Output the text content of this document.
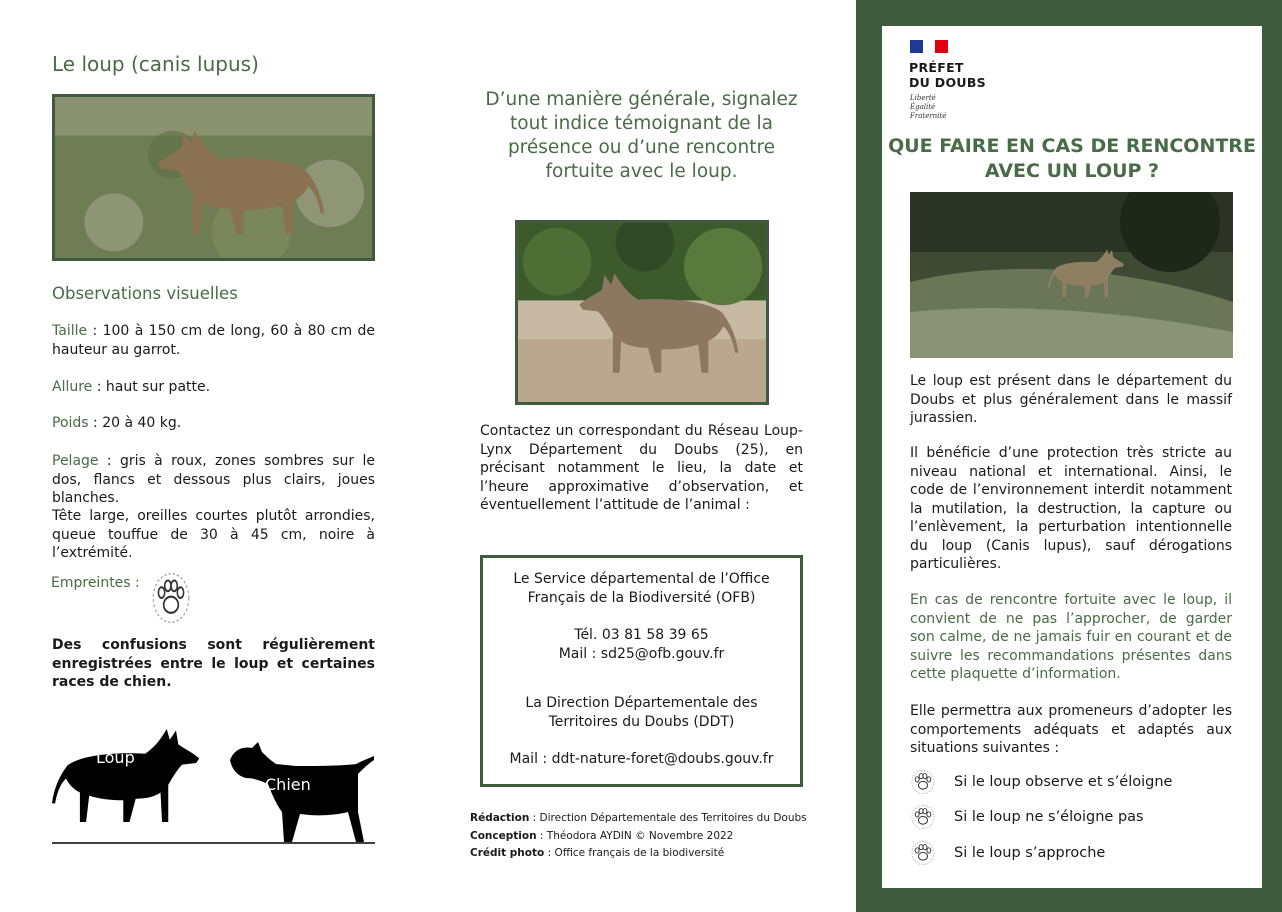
Le loup (canis lupus)
Observations visuelles

Taille : 100 à 150 cm de long, 60 à 80 cm de hauteur au garrot.

Allure : haut sur patte.

Poids : 20 à 40 kg.

Pelage : gris à roux, zones sombres sur le dos, flancs et dessous plus clairs, joues blanches.

Tête large, oreilles courtes plutôt arrondies, queue touffue de 30 à 45 cm, noire à l’extrémité.

Empreintes :

Des confusions sont régulièrement enregistrées entre le loup et certaines races de chien.

Loup
Chien

D’une manière générale, signalez tout indice témoignant de la présence ou d’une rencontre fortuite avec le loup.

Contactez un correspondant du Réseau Loup-Lynx Département du Doubs (25), en précisant notamment le lieu, la date et l’heure approximative d’observation, et éventuellement l’attitude de l’animal :

Le Service départemental de l’Office Français de la Biodiversité (OFB)

Tél. 03 81 58 39 65

Mail : sd25@ofb.gouv.fr

La Direction Départementale des Territoires du Doubs (DDT)

Mail : ddt-nature-foret@doubs.gouv.fr

Rédaction : Direction Départementale des Territoires du Doubs
Conception : Théodora AYDIN © Novembre 2022
Crédit photo : Office français de la biodiversité
PRÉFET
DU DOUBS
Liberté
Égalité
Fraternité
QUE FAIRE EN CAS DE RENCONTRE AVEC UN LOUP ?

Le loup est présent dans le département du Doubs et plus généralement dans le massif jurassien.

Il bénéficie d’une protection très stricte au niveau national et international. Ainsi, le code de l’environnement interdit notamment la mutilation, la destruction, la capture ou l’enlèvement, la perturbation intentionnelle du loup (Canis lupus), sauf dérogations particulières.

En cas de rencontre fortuite avec le loup, il convient de ne pas l’approcher, de garder son calme, de ne jamais fuir en courant et de suivre les recommandations présentes dans cette plaquette d’information.

Elle permettra aux promeneurs d’adopter les comportements adéquats et adaptés aux situations suivantes :

Si le loup observe et s’éloigne
Si le loup ne s’éloigne pas
Si le loup s’approche
